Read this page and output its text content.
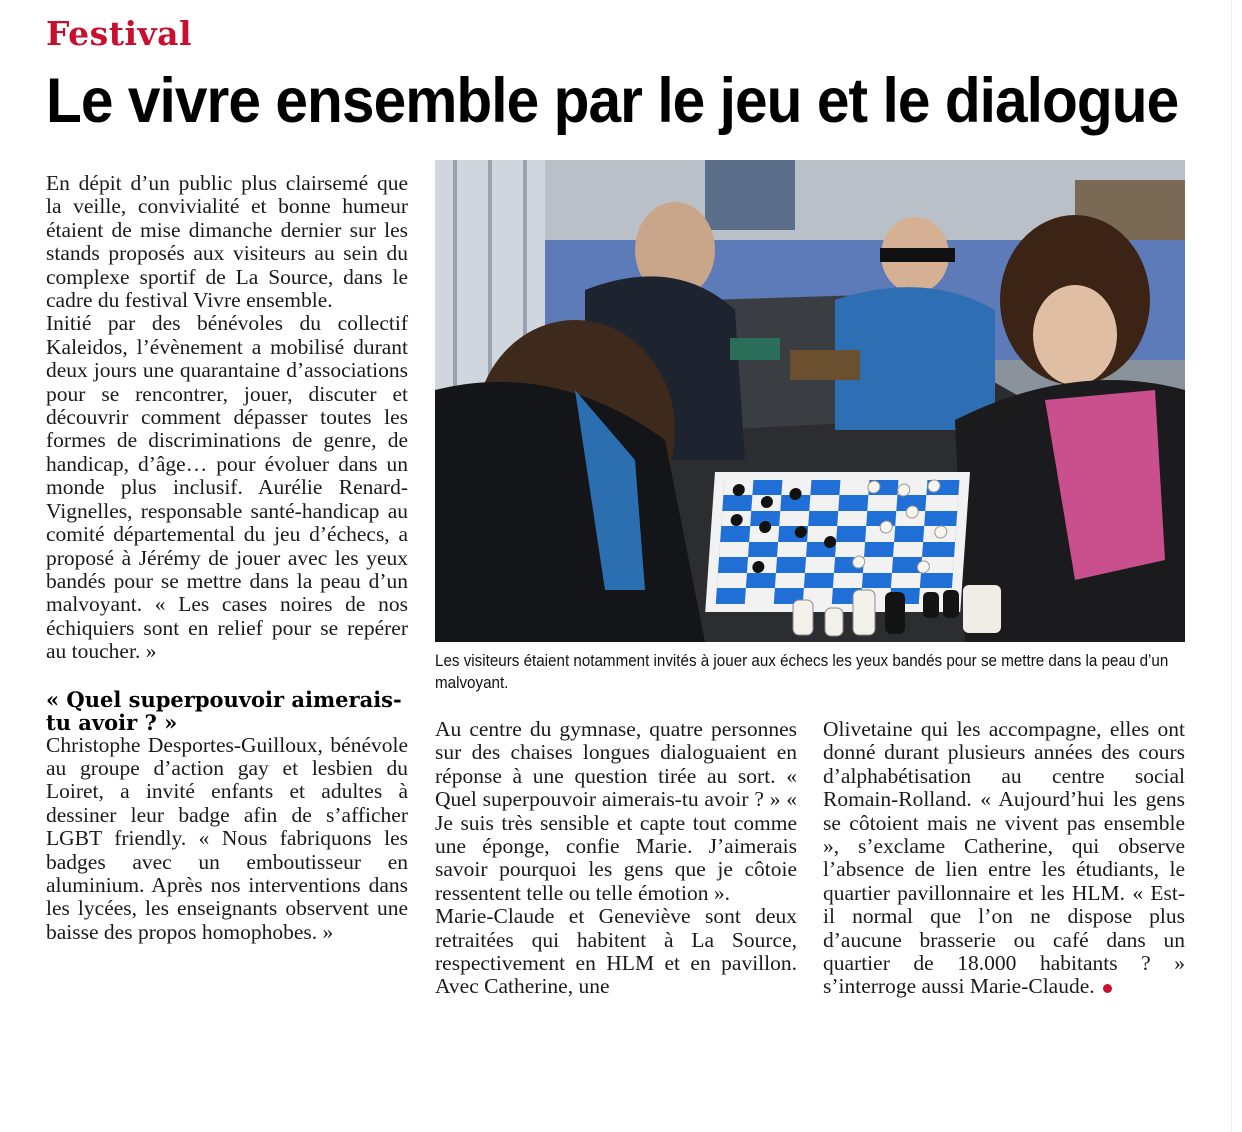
Festival
Le vivre ensemble par le jeu et le dialogue

En dépit d’un public plus clairsemé que la veille, convivialité et bonne humeur étaient de mise dimanche dernier sur les stands proposés aux visiteurs au sein du complexe sportif de La Source, dans le cadre du festival Vivre ensemble.

Initié par des bénévoles du collectif Kaleidos, l’évènement a mobilisé durant deux jours une quarantaine d’associations pour se rencontrer, jouer, discuter et découvrir comment dépasser toutes les formes de discriminations de genre, de handicap, d’âge… pour évoluer dans un monde plus inclusif. Aurélie Renard-Vignelles, responsable santé-handicap au comité départemental du jeu d’échecs, a proposé à Jérémy de jouer avec les yeux bandés pour se mettre dans la peau d’un malvoyant. « Les cases noires de nos échiquiers sont en relief pour se repérer au toucher. »

« Quel superpouvoir aimerais-tu avoir ? »

Christophe Desportes-Guilloux, bénévole au groupe d’action gay et lesbien du Loiret, a invité enfants et adultes à dessiner leur badge afin de s’afficher LGBT friendly. « Nous fabriquons les badges avec un emboutisseur en aluminium. Après nos interventions dans les lycées, les enseignants observent une baisse des propos homophobes. »

Les visiteurs étaient notamment invités à jouer aux échecs les yeux bandés pour se mettre dans la peau d’un malvoyant.

Au centre du gymnase, quatre personnes sur des chaises longues dialoguaient en réponse à une question tirée au sort. « Quel superpouvoir aimerais-tu avoir ? » « Je suis très sensible et capte tout comme une éponge, confie Marie. J’aimerais savoir pourquoi les gens que je côtoie ressentent telle ou telle émotion ».

Marie-Claude et Geneviève sont deux retraitées qui habitent à La Source, respectivement en HLM et en pavillon. Avec Catherine, une

Olivetaine qui les accompagne, elles ont donné durant plusieurs années des cours d’alphabétisation au centre social Romain-Rolland. « Aujourd’hui les gens se côtoient mais ne vivent pas ensemble », s’exclame Catherine, qui observe l’absence de lien entre les étudiants, le quartier pavillonnaire et les HLM. « Est-il normal que l’on ne dispose plus d’aucune brasserie ou café dans un quartier de 18.000 habitants ? » s’interroge aussi Marie-Claude.
